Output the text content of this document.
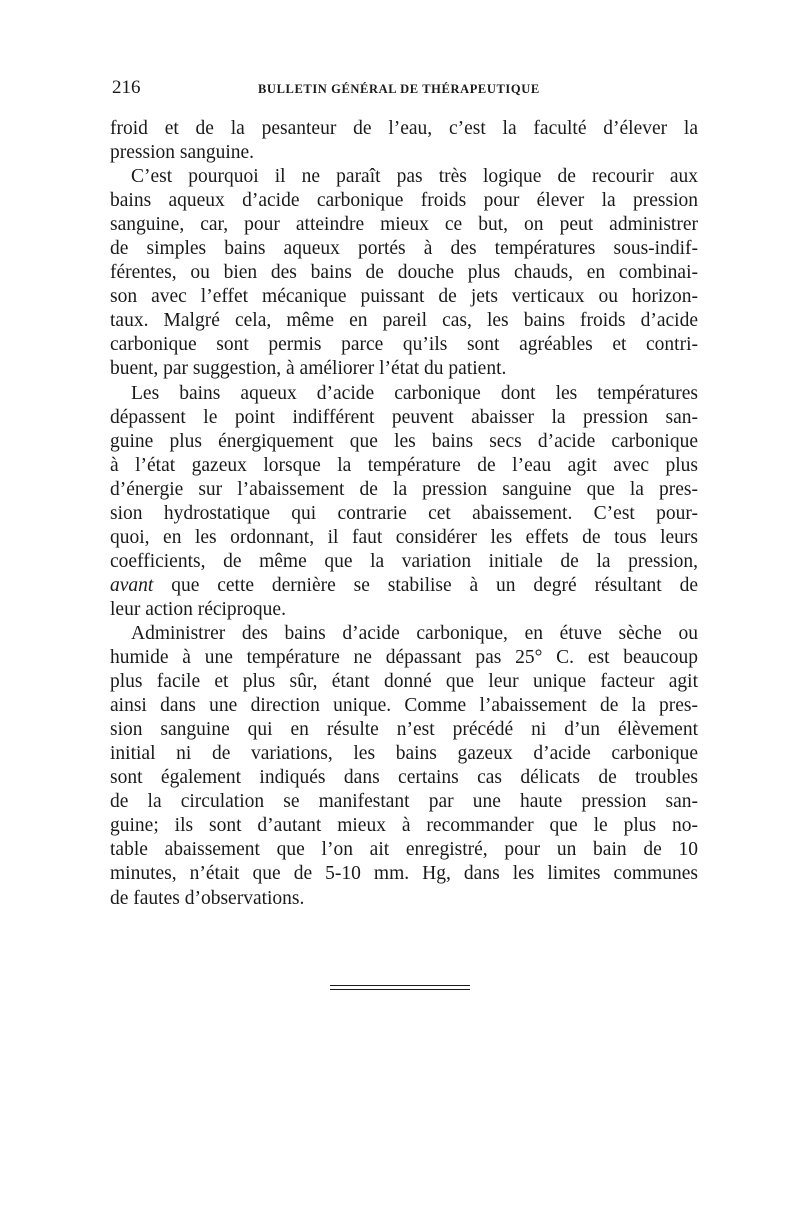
216	BULLETIN GÉNÉRAL DE THÉRAPEUTIQUE
froid et de la pesanteur de l’eau, c’est la faculté d’élever la
pression sanguine.
C’est pourquoi il ne paraît pas très logique de recourir aux
bains aqueux d’acide carbonique froids pour élever la pression
sanguine, car, pour atteindre mieux ce but, on peut administrer
de simples bains aqueux portés à des températures sous-indif-
férentes, ou bien des bains de douche plus chauds, en combinai-
son avec l’effet mécanique puissant de jets verticaux ou horizon-
taux. Malgré cela, même en pareil cas, les bains froids d’acide
carbonique sont permis parce qu’ils sont agréables et contri-
buent, par suggestion, à améliorer l’état du patient.
Les bains aqueux d’acide carbonique dont les températures
dépassent le point indifférent peuvent abaisser la pression san-
guine plus énergiquement que les bains secs d’acide carbonique
à l’état gazeux lorsque la température de l’eau agit avec plus
d’énergie sur l’abaissement de la pression sanguine que la pres-
sion hydrostatique qui contrarie cet abaissement. C’est pour-
quoi, en les ordonnant, il faut considérer les effets de tous leurs
coefficients, de même que la variation initiale de la pression,
avant que cette dernière se stabilise à un degré résultant de
leur action réciproque.
Administrer des bains d’acide carbonique, en étuve sèche ou
humide à une température ne dépassant pas 25° C. est beaucoup
plus facile et plus sûr, étant donné que leur unique facteur agit
ainsi dans une direction unique. Comme l’abaissement de la pres-
sion sanguine qui en résulte n’est précédé ni d’un élèvement
initial ni de variations, les bains gazeux d’acide carbonique
sont également indiqués dans certains cas délicats de troubles
de la circulation se manifestant par une haute pression san-
guine; ils sont d’autant mieux à recommander que le plus no-
table abaissement que l’on ait enregistré, pour un bain de 10
minutes, n’était que de 5-10 mm. Hg, dans les limites communes
de fautes d’observations.
